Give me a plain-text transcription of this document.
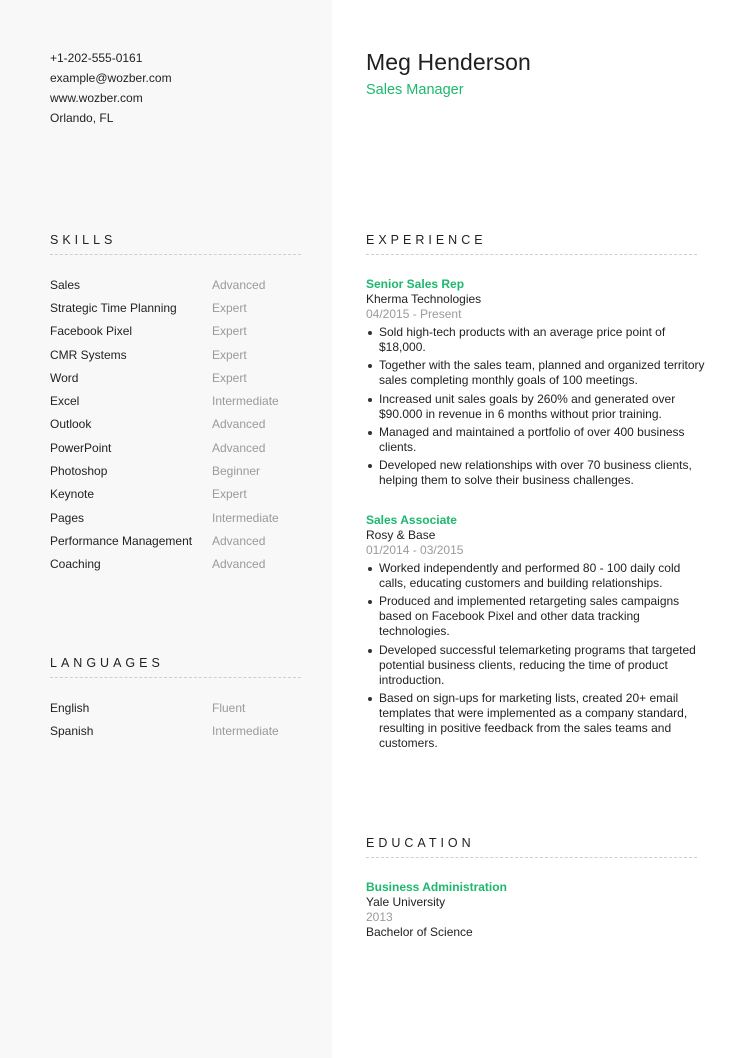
+1-202-555-0161
example@wozber.com
www.wozber.com
Orlando, FL
SKILLS
Sales	Advanced
Strategic Time Planning	Expert
Facebook Pixel	Expert
CMR Systems	Expert
Word	Expert
Excel	Intermediate
Outlook	Advanced
PowerPoint	Advanced
Photoshop	Beginner
Keynote	Expert
Pages	Intermediate
Performance Management	Advanced
Coaching	Advanced
LANGUAGES
English	Fluent
Spanish	Intermediate
Meg Henderson
Sales Manager
EXPERIENCE
Senior Sales Rep
Kherma Technologies
04/2015 - Present
Sold high-tech products with an average price point of $18,000.
Together with the sales team, planned and organized territory sales completing monthly goals of 100 meetings.
Increased unit sales goals by 260% and generated over $90.000 in revenue in 6 months without prior training.
Managed and maintained a portfolio of over 400 business clients.
Developed new relationships with over 70 business clients, helping them to solve their business challenges.
Sales Associate
Rosy & Base
01/2014 - 03/2015
Worked independently and performed 80 - 100 daily cold calls, educating customers and building relationships.
Produced and implemented retargeting sales campaigns based on Facebook Pixel and other data tracking technologies.
Developed successful telemarketing programs that targeted potential business clients, reducing the time of product introduction.
Based on sign-ups for marketing lists, created 20+ email templates that were implemented as a company standard, resulting in positive feedback from the sales teams and customers.
EDUCATION
Business Administration
Yale University
2013
Bachelor of Science
